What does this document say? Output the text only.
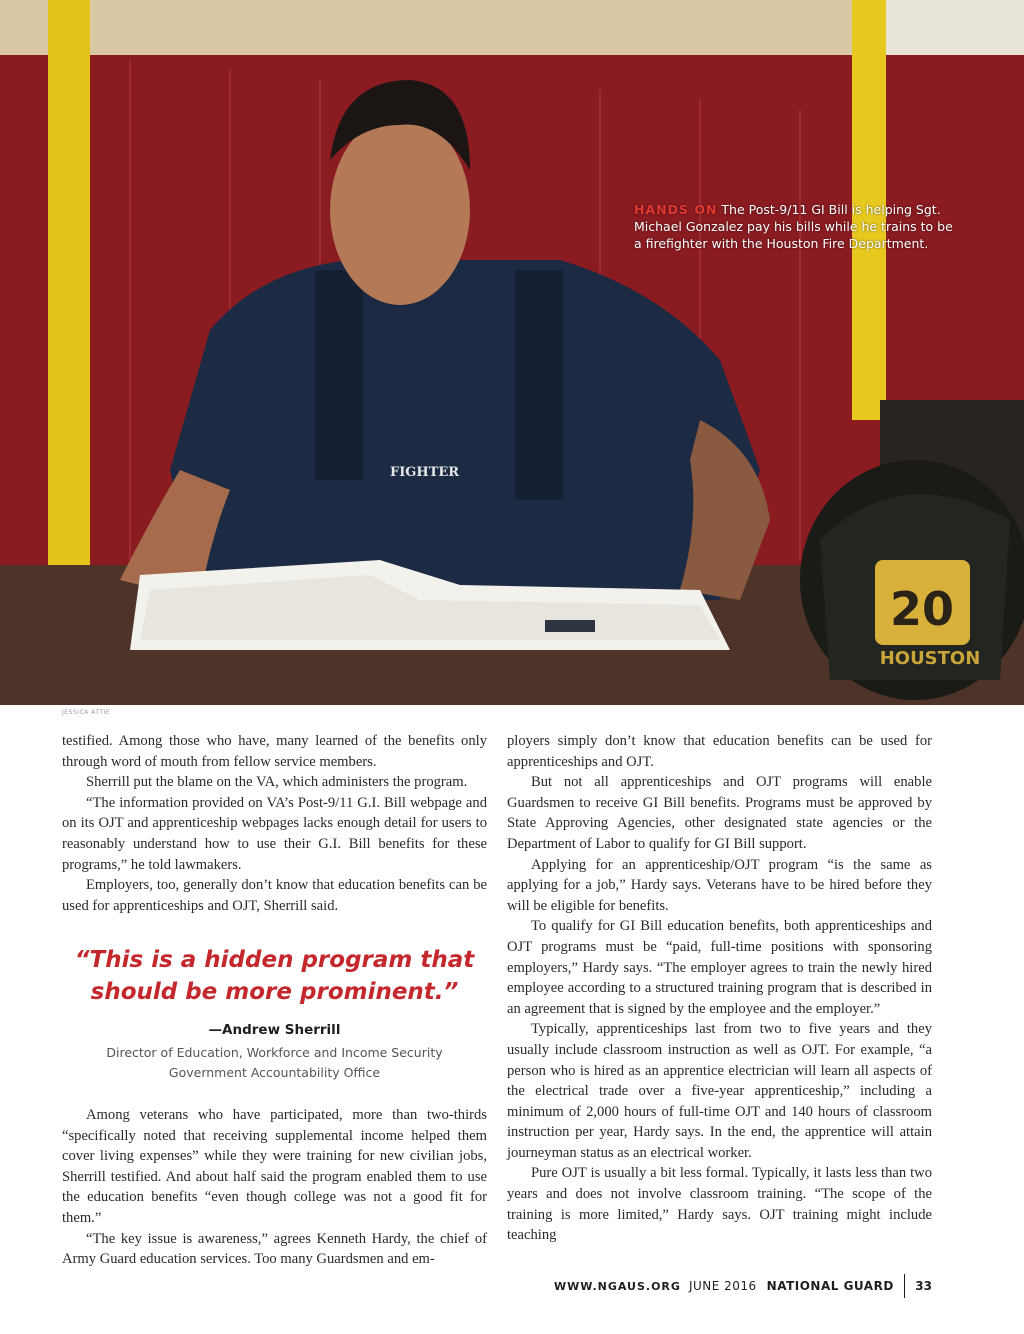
20
HOUSTON
FIGHTER
HANDS ON The Post-9/11 GI Bill is helping Sgt. Michael Gonzalez pay his bills while he trains to be a firefighter with the Houston Fire Department.
JESSICA ATTIE

testified. Among those who have, many learned of the benefits only through word of mouth from fellow service members.

Sherrill put the blame on the VA, which administers the program.

“The information provided on VA’s Post-9/11 G.I. Bill webpage and on its OJT and apprenticeship webpages lacks enough detail for users to reasonably understand how to use their G.I. Bill benefits for these programs,” he told lawmakers.

Employers, too, generally don’t know that education benefits can be used for apprenticeships and OJT, Sherrill said.

“This is a hidden program that should be more prominent.”
—Andrew Sherrill
Director of Education, Workforce and Income Security
Government Accountability Office

Among veterans who have participated, more than two-thirds “specifically noted that receiving supplemental income helped them cover living expenses” while they were training for new civilian jobs, Sherrill testified. And about half said the program enabled them to use the education benefits “even though college was not a good fit for them.”

“The key issue is awareness,” agrees Kenneth Hardy, the chief of Army Guard education services. Too many Guardsmen and em-

ployers simply don’t know that education benefits can be used for apprenticeships and OJT.

But not all apprenticeships and OJT programs will enable Guardsmen to receive GI Bill benefits. Programs must be approved by State Approving Agencies, other designated state agencies or the Department of Labor to qualify for GI Bill support.

Applying for an apprenticeship/OJT program “is the same as applying for a job,” Hardy says. Veterans have to be hired before they will be eligible for benefits.

To qualify for GI Bill education benefits, both apprenticeships and OJT programs must be “paid, full-time positions with sponsoring employers,” Hardy says. “The employer agrees to train the newly hired employee according to a structured training program that is described in an agreement that is signed by the employee and the employer.”

Typically, apprenticeships last from two to five years and they usually include classroom instruction as well as OJT. For example, “a person who is hired as an apprentice electrician will learn all aspects of the electrical trade over a five-year apprenticeship,” including a minimum of 2,000 hours of full-time OJT and 140 hours of classroom instruction per year, Hardy says. In the end, the apprentice will attain journeyman status as an electrical worker.

Pure OJT is usually a bit less formal. Typically, it lasts less than two years and does not involve classroom training. “The scope of the training is more limited,” Hardy says. OJT training might include teaching

WWW.NGAUS.ORG JUNE 2016 NATIONAL GUARD 33
